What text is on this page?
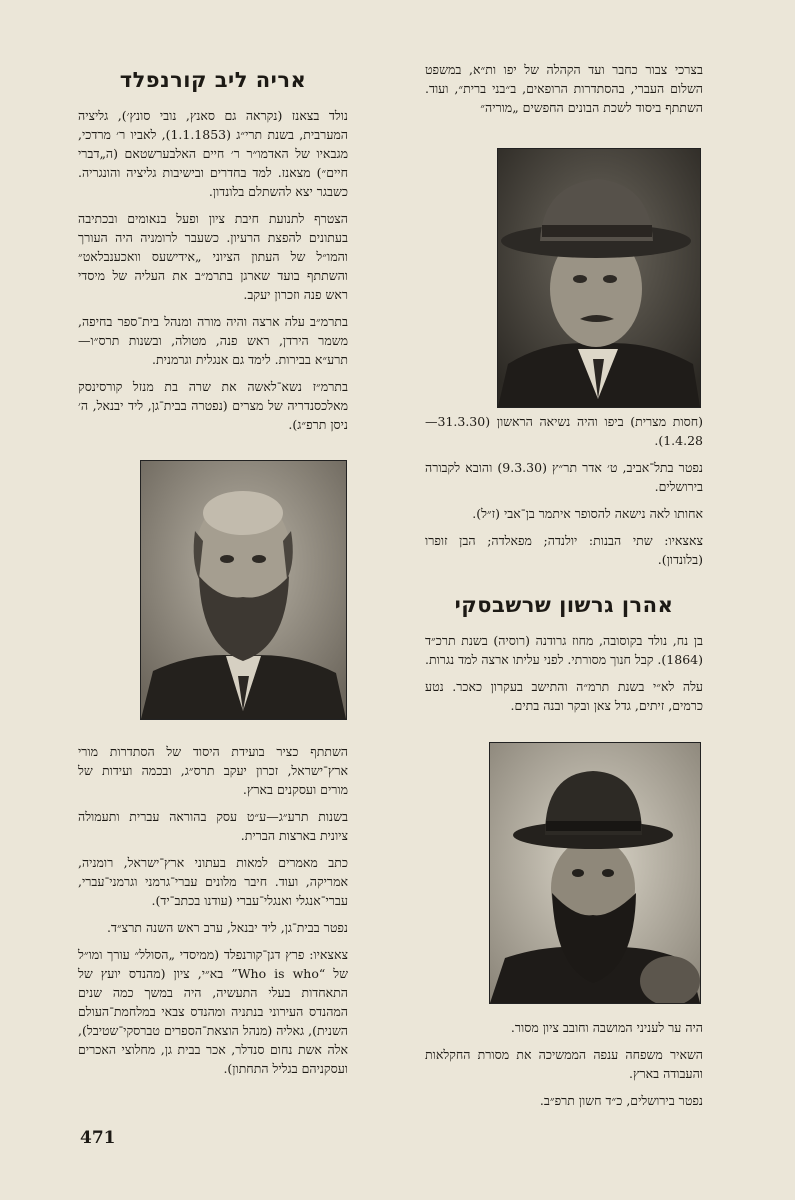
בצרכי צבור כחבר ועד הקהלה של יפו ות״א, במשפט השלום העברי, בהסתדרות הרופאים, ב״בני ברית״, ועוד. השתתף ביסוד לשכת הבונים החפשים „מוריה״

(חסות מצרית) ביפו והיה נשיאה הראשון (31.3.30— 1.4.28).

נפטר בתל־אביב, ט׳ אדר תר״ץ (9.3.30) והובא לקבורה בירושלים.

אחותו לאה נישאה להסופר איתמר בן־אבי (ז״ל).

צאצאיו: שתי הבנות: יולנדה; מפאלדה; הבן זופרו (בלונדון).

אהרן גרשון שרשבסקי

בן נח, נולד בקוסובה, מחוז גרודנה (רוסיה) בשנת תרכ״ד (1864). קבל חנוך מסורתי. לפני עליתו ארצה למד נגרות.

עלה לא״י בשנת תרמ״ה והתישב בעקרון כאכר. נטע כרמים, זיתים, גדל צאן ובקר ובנה בתים.

היה ער לעניני המושבה וחובב ציון מסור.

השאיר משפחה ענפה הממשיכה את מסורת החקלאות והעבודה בארץ.

נפטר בירושלים, כ״ד חשון תרפ״ב.

אריה ליב קורנפלד

נולד בצאנז (נקראה גם סאנץ, נובי סונץ׳), גליציה המערבית, בשנת תרי״ג (1.1.1853), לאביו ר׳ מרדכי, מגבאיו של האדמו״ר ר׳ חיים האלבערשטאם (ה„דברי חיים״) מצאנז. למד בחדרים ובישיבות גליציה והונגריה. כשבגר יצא להשתלם בלונדון.

הצטרף לתנועת חיבת ציון ופעל בנאומים ובכתיבה בעתונים להפצת הרעיון. כשעבר לרומניה היה העורך והמו״ל של העתון הציוני „אידישעס וואכענבלאט״ והשתתף בועד שארגן בתרמ״ב את העליה של מיסדי ראש פנה וזכרון יעקב.

בתרמ״ב עלה ארצה והיה מורה ומנהל בית־ספר בחיפה, משמר הירדן, ראש פנה, מטולה, ובשנות תרס״ו—תרע״א בבירות. לימד גם אנגלית וגרמנית.

בתרמ״ז נשא־לאשה את שרה בת מנזל קורסינסק מאלכסנדריה של מצרים (נפטרה בבית־גן, ליד יבנאל, ה׳ ניסן תרפ״ג).

השתתף כציר בועידת היסוד של הסתדרות מורי ארץ־ישראל, זכרון יעקב תרס״ג, ובכמה ועידות של מורים ועסקנים בארץ.

בשנות תרע״ג—ע״ט עסק בהוראה עברית ותעמולה ציונית בארצות הברית.

כתב מאמרים למאות בעתוני ארץ־ישראל, רומניה, אמריקה, ועוד. חיבר מלונים עברי־גרמני וגרמני־עברי, עברי־אנגלי ואנגלי־עברי (עודנו בכתב־יד).

נפטר בבית־גן, ליד יבנאל, ערב ראש השנה תרצ״ד.

צאצאיו: פרץ דגן־קורנפלד (ממיסדי „הסולל״ עורך ומו״ל של “Who is who” בא״י, ציון (מהנדס יועץ של התאחדות בעלי התעשיה, היה במשך כמה שנים המהנדס העירוני בנתניה ומהנדס צבאי במלחמת־העולם השנית), גאליה (מנהל הוצאת־הספרים טברסקי־שטיבל), אלה אשת נחום סנדלר, אכר בבית גן, מחלוצי האכרים ועסקניהם בגליל התחתון).

471
